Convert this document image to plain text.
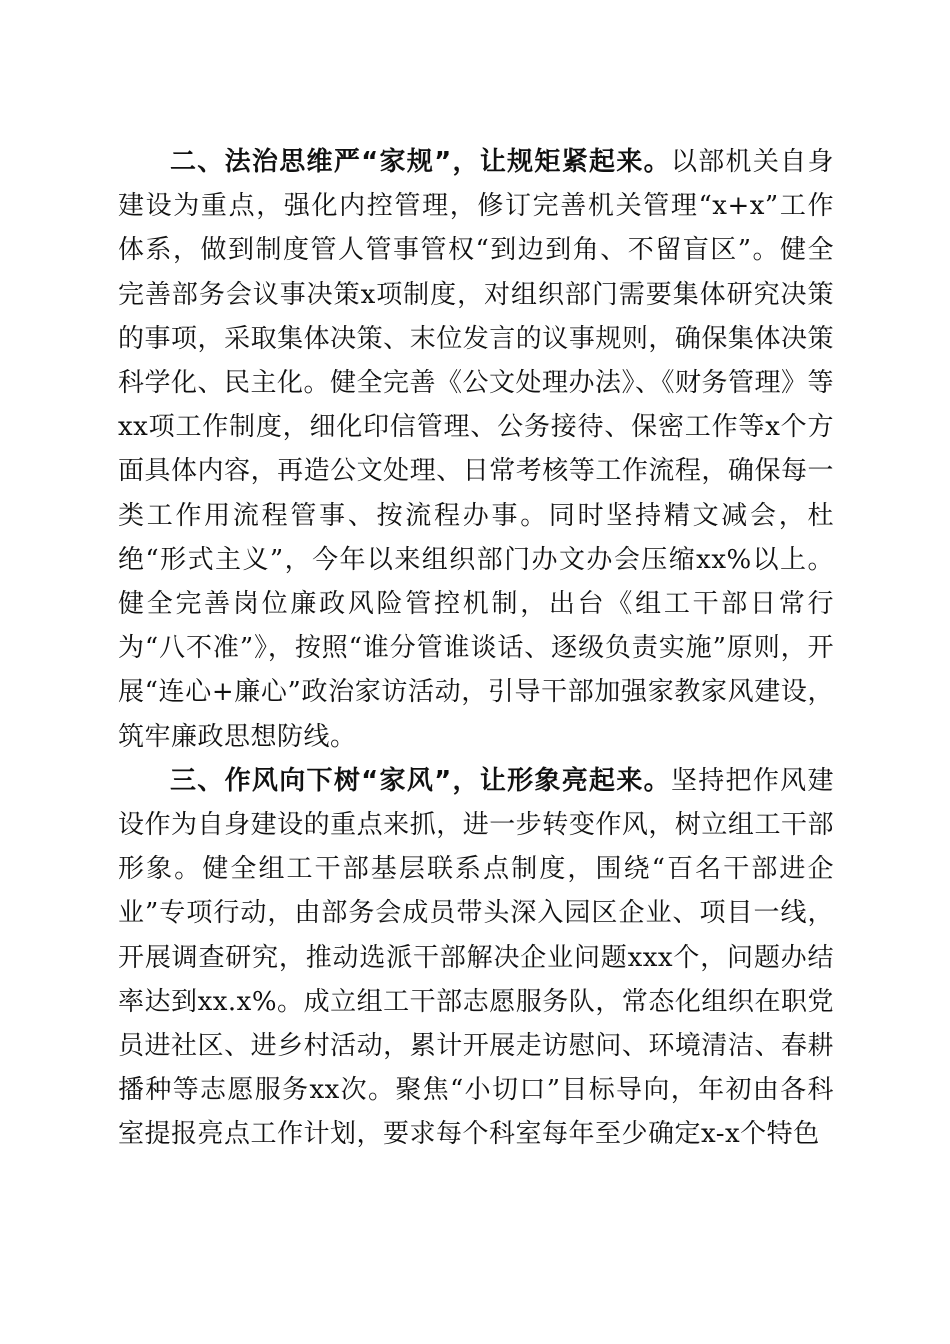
二、法治思维严“家规”，让规矩紧起来。以部机关自身建设为重点，强化内控管理，修订完善机关管理“x+x”工作体系，做到制度管人管事管权“到边到角、不留盲区”。健全完善部务会议事决策x项制度，对组织部门需要集体研究决策的事项，采取集体决策、末位发言的议事规则，确保集体决策科学化、民主化。健全完善《公文处理办法》、《财务管理》等xx项工作制度，细化印信管理、公务接待、保密工作等x个方面具体内容，再造公文处理、日常考核等工作流程，确保每一类工作用流程管事、按流程办事。同时坚持精文减会，杜绝“形式主义”，今年以来组织部门办文办会压缩xx%以上。健全完善岗位廉政风险管控机制，出台《组工干部日常行为“八不准”》，按照“谁分管谁谈话、逐级负责实施”原则，开展“连心+廉心”政治家访活动，引导干部加强家教家风建设，筑牢廉政思想防线。

三、作风向下树“家风”，让形象亮起来。坚持把作风建设作为自身建设的重点来抓，进一步转变作风，树立组工干部形象。健全组工干部基层联系点制度，围绕“百名干部进企业”专项行动，由部务会成员带头深入园区企业、项目一线，开展调查研究，推动选派干部解决企业问题xxx个，问题办结率达到xx.x%。成立组工干部志愿服务队，常态化组织在职党员进社区、进乡村活动，累计开展走访慰问、环境清洁、春耕播种等志愿服务xx次。聚焦“小切口”目标导向，年初由各科室提报亮点工作计划，要求每个科室每年至少确定x-x个特色
